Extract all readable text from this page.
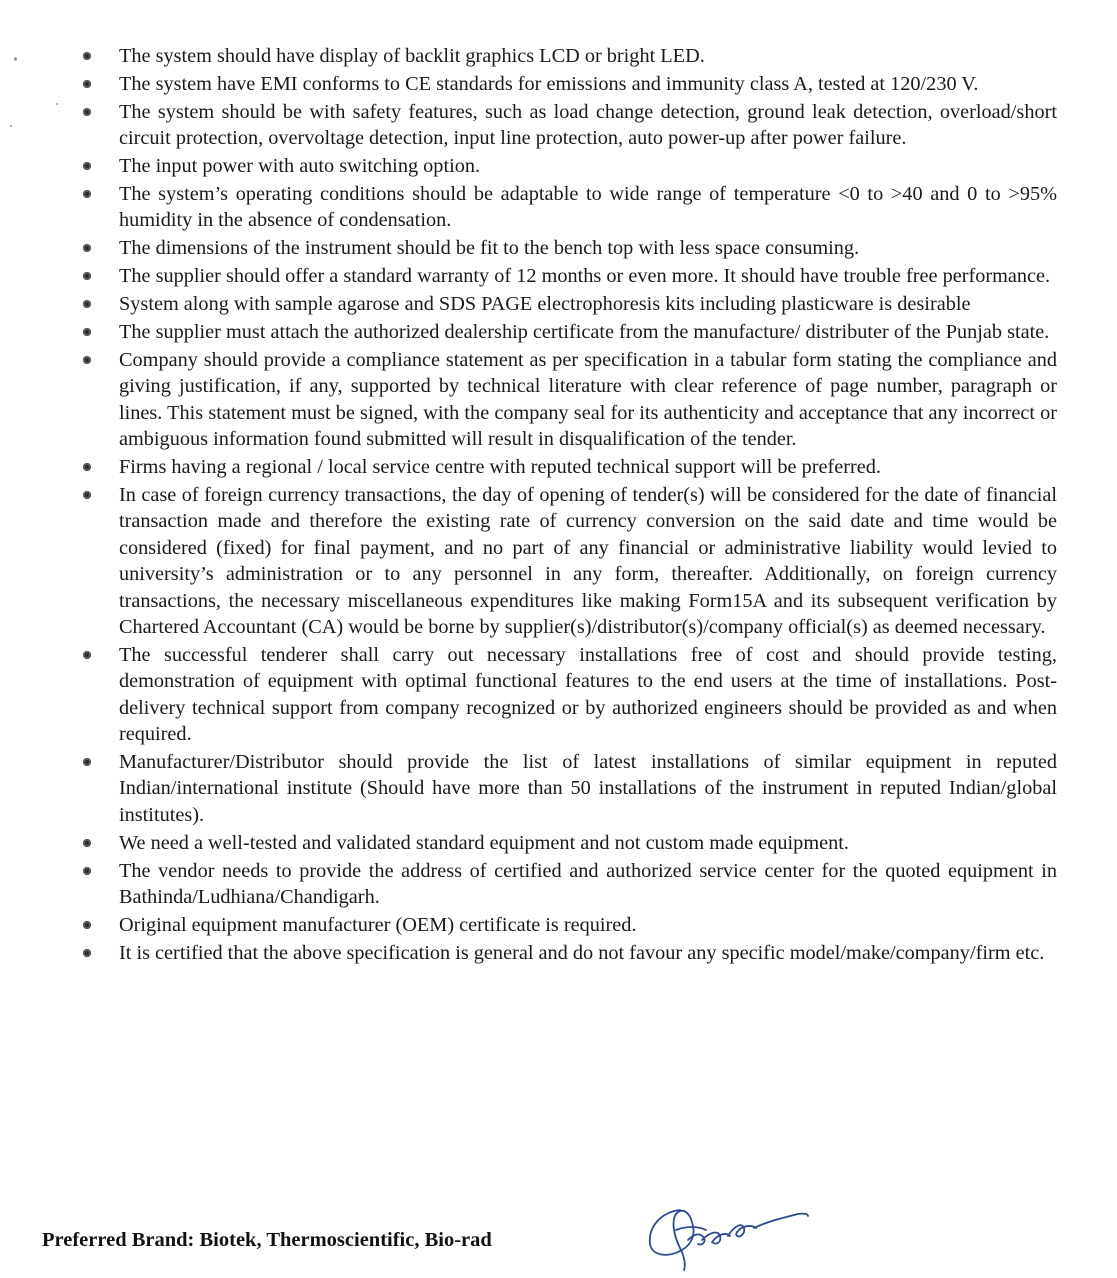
The system should have display of backlit graphics LCD or bright LED.
The system have EMI conforms to CE standards for emissions and immunity class A, tested at 120/230 V.
The system should be with safety features, such as load change detection, ground leak detection, overload/short circuit protection, overvoltage detection, input line protection, auto power-up after power failure.
The input power with auto switching option.
The system’s operating conditions should be adaptable to wide range of temperature <0 to >40 and 0 to >95% humidity in the absence of condensation.
The dimensions of the instrument should be fit to the bench top with less space consuming.
The supplier should offer a standard warranty of 12 months or even more. It should have trouble free performance.
System along with sample agarose and SDS PAGE electrophoresis kits including plasticware is desirable
The supplier must attach the authorized dealership certificate from the manufacture/ distributer of the Punjab state.
Company should provide a compliance statement as per specification in a tabular form stating the compliance and giving justification, if any, supported by technical literature with clear reference of page number, paragraph or lines. This statement must be signed, with the company seal for its authenticity and acceptance that any incorrect or ambiguous information found submitted will result in disqualification of the tender.
Firms having a regional / local service centre with reputed technical support will be preferred.
In case of foreign currency transactions, the day of opening of tender(s) will be considered for the date of financial transaction made and therefore the existing rate of currency conversion on the said date and time would be considered (fixed) for final payment, and no part of any financial or administrative liability would levied to university’s administration or to any personnel in any form, thereafter. Additionally, on foreign currency transactions, the necessary miscellaneous expenditures like making Form15A and its subsequent verification by Chartered Accountant (CA) would be borne by supplier(s)/distributor(s)/company official(s) as deemed necessary.
The successful tenderer shall carry out necessary installations free of cost and should provide testing, demonstration of equipment with optimal functional features to the end users at the time of installations. Post-delivery technical support from company recognized or by authorized engineers should be provided as and when required.
Manufacturer/Distributor should provide the list of latest installations of similar equipment in reputed Indian/international institute (Should have more than 50 installations of the instrument in reputed Indian/global institutes).
We need a well-tested and validated standard equipment and not custom made equipment.
The vendor needs to provide the address of certified and authorized service center for the quoted equipment in Bathinda/Ludhiana/Chandigarh.
Original equipment manufacturer (OEM) certificate is required.
It is certified that the above specification is general and do not favour any specific model/make/company/firm etc.
Preferred Brand: Biotek, Thermoscientific, Bio-rad
